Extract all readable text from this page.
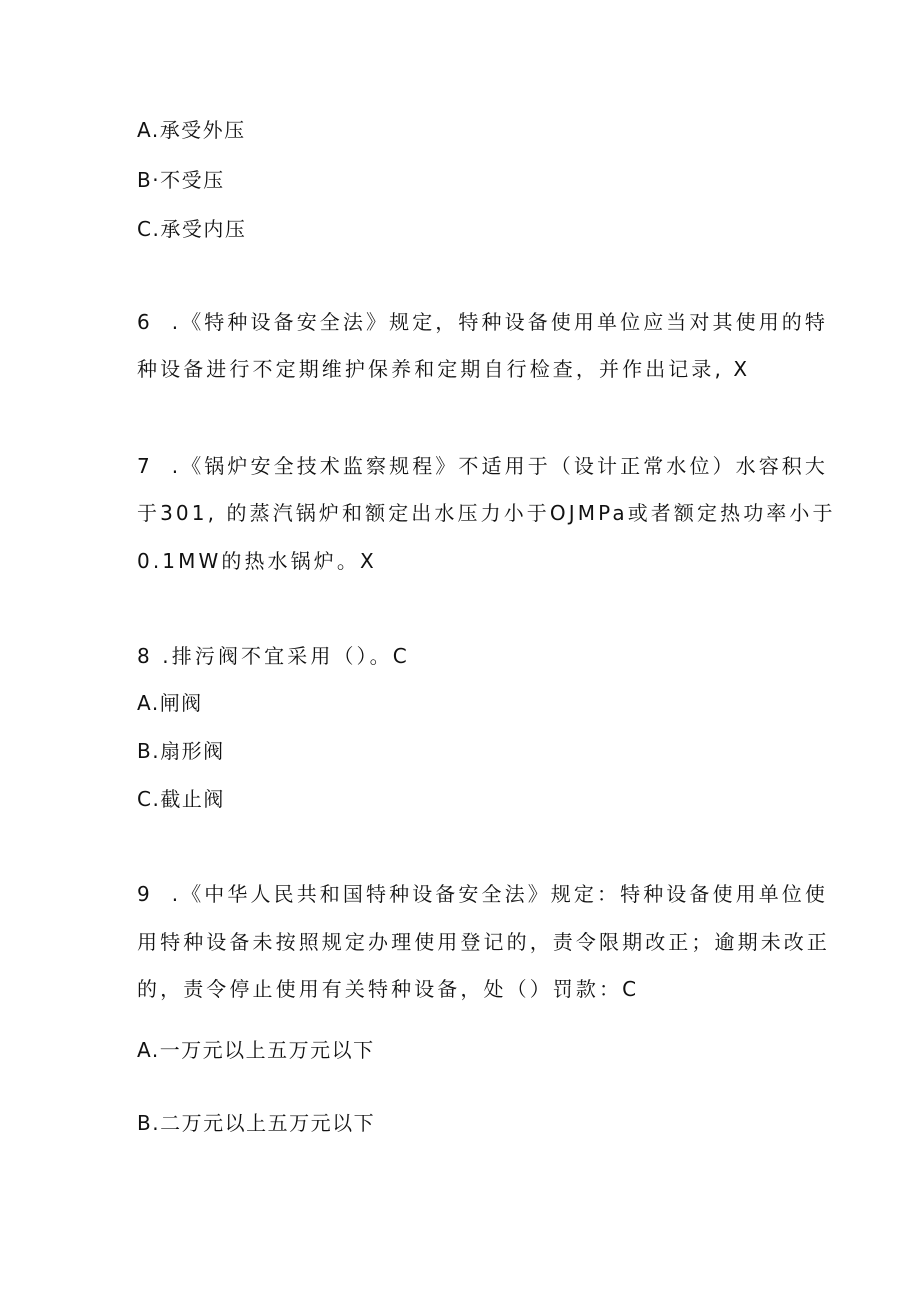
A.承受外压
B·不受压
C.承受内压
6  .《特种设备安全法》规定，特种设备使用单位应当对其使用的特
种设备进行不定期维护保养和定期自行检查，并作出记录, X
7  .《锅炉安全技术监察规程》不适用于（设计正常水位）水容积大
于301, 的蒸汽锅炉和额定出水压力小于OJMPa或者额定热功率小于
0.1MW的热水锅炉。X
8 .排污阀不宜采用（）。C
A.闸阀
B.扇形阀
C.截止阀
9  .《中华人民共和国特种设备安全法》规定：特种设备使用单位使
用特种设备未按照规定办理使用登记的，责令限期改正；逾期未改正
的，责令停止使用有关特种设备，处（）罚款：C
A.一万元以上五万元以下
B.二万元以上五万元以下
